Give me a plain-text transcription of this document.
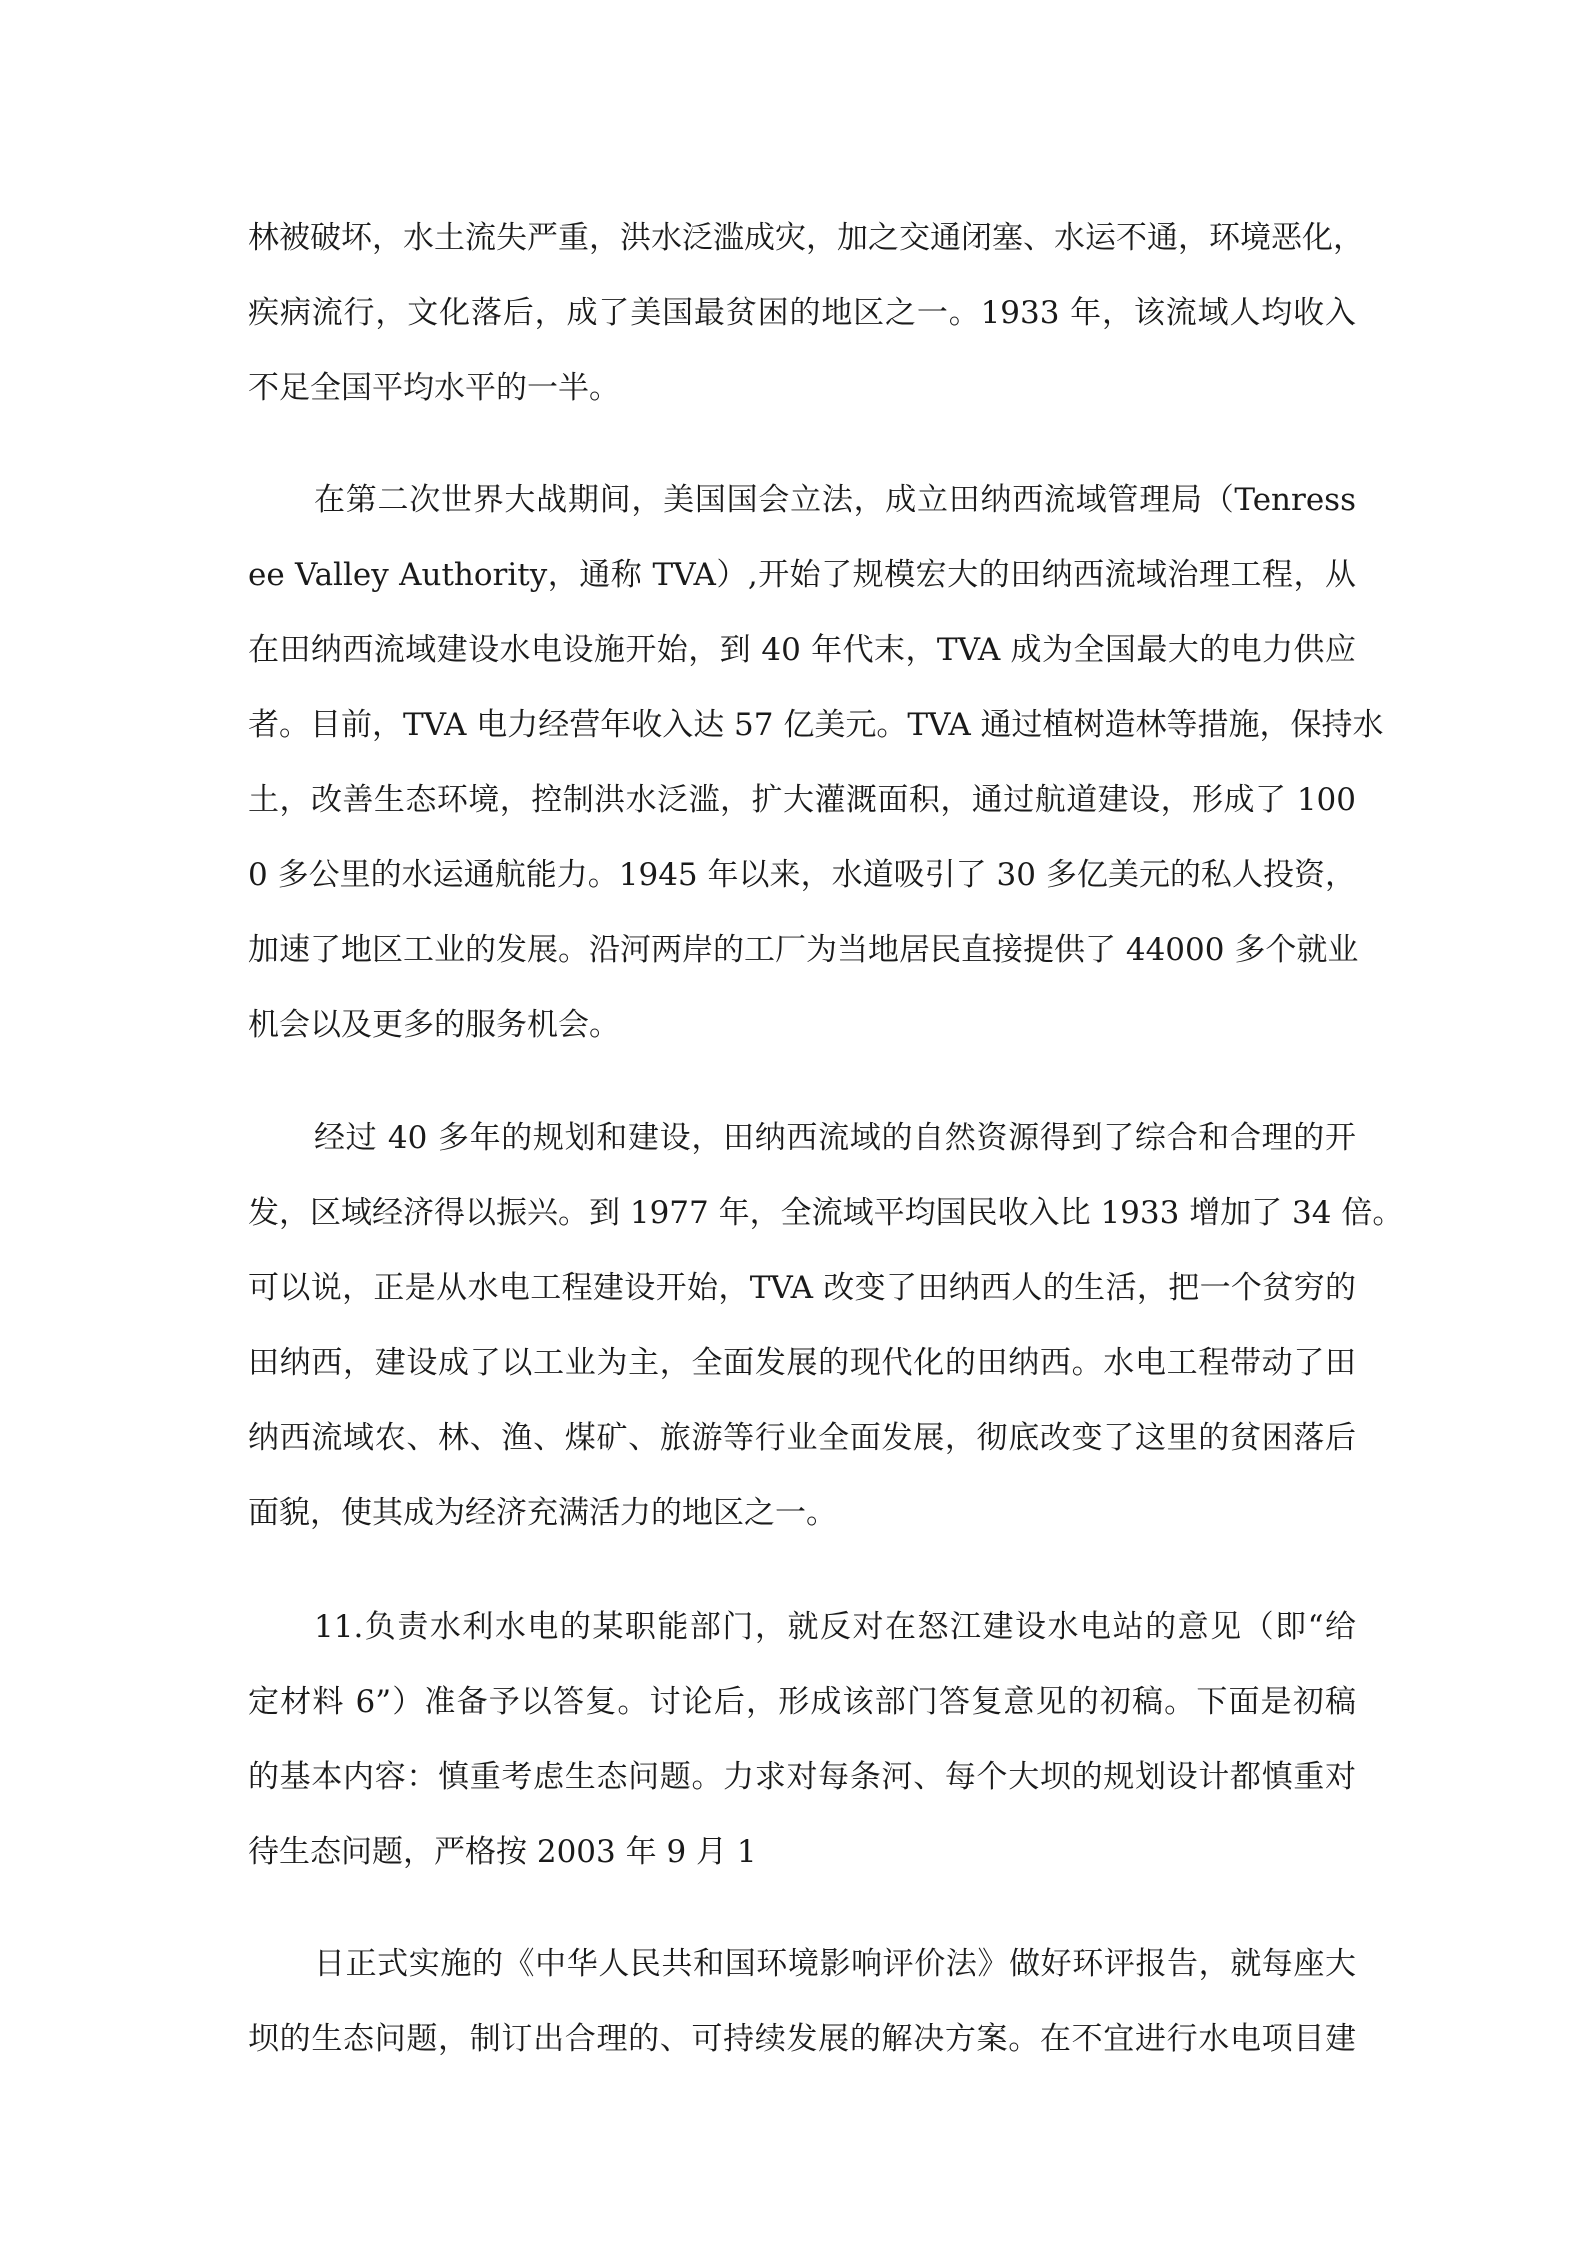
林被破坏，水土流失严重，洪水泛滥成灾，加之交通闭塞、水运不通，环境恶化，
疾病流行，文化落后，成了美国最贫困的地区之一。1933 年，该流域人均收入
不足全国平均水平的一半。
在第二次世界大战期间，美国国会立法，成立田纳西流域管理局（Tenress
ee Valley Authority，通称 TVA）,开始了规模宏大的田纳西流域治理工程，从
在田纳西流域建设水电设施开始，到 40 年代末，TVA 成为全国最大的电力供应
者。目前，TVA 电力经营年收入达 57 亿美元。TVA 通过植树造林等措施，保持水
土，改善生态环境，控制洪水泛滥，扩大灌溉面积，通过航道建设，形成了 100
0 多公里的水运通航能力。1945 年以来，水道吸引了 30 多亿美元的私人投资，
加速了地区工业的发展。沿河两岸的工厂为当地居民直接提供了 44000 多个就业
机会以及更多的服务机会。
经过 40 多年的规划和建设，田纳西流域的自然资源得到了综合和合理的开
发，区域经济得以振兴。到 1977 年，全流域平均国民收入比 1933 增加了 34 倍。
可以说，正是从水电工程建设开始，TVA 改变了田纳西人的生活，把一个贫穷的
田纳西，建设成了以工业为主，全面发展的现代化的田纳西。水电工程带动了田
纳西流域农、林、渔、煤矿、旅游等行业全面发展，彻底改变了这里的贫困落后
面貌，使其成为经济充满活力的地区之一。
11.负责水利水电的某职能部门，就反对在怒江建设水电站的意见（即“给
定材料 6”）准备予以答复。讨论后，形成该部门答复意见的初稿。下面是初稿
的基本内容：慎重考虑生态问题。力求对每条河、每个大坝的规划设计都慎重对
待生态问题，严格按 2003 年 9 月 1
日正式实施的《中华人民共和国环境影响评价法》做好环评报告，就每座大
坝的生态问题，制订出合理的、可持续发展的解决方案。在不宜进行水电项目建
